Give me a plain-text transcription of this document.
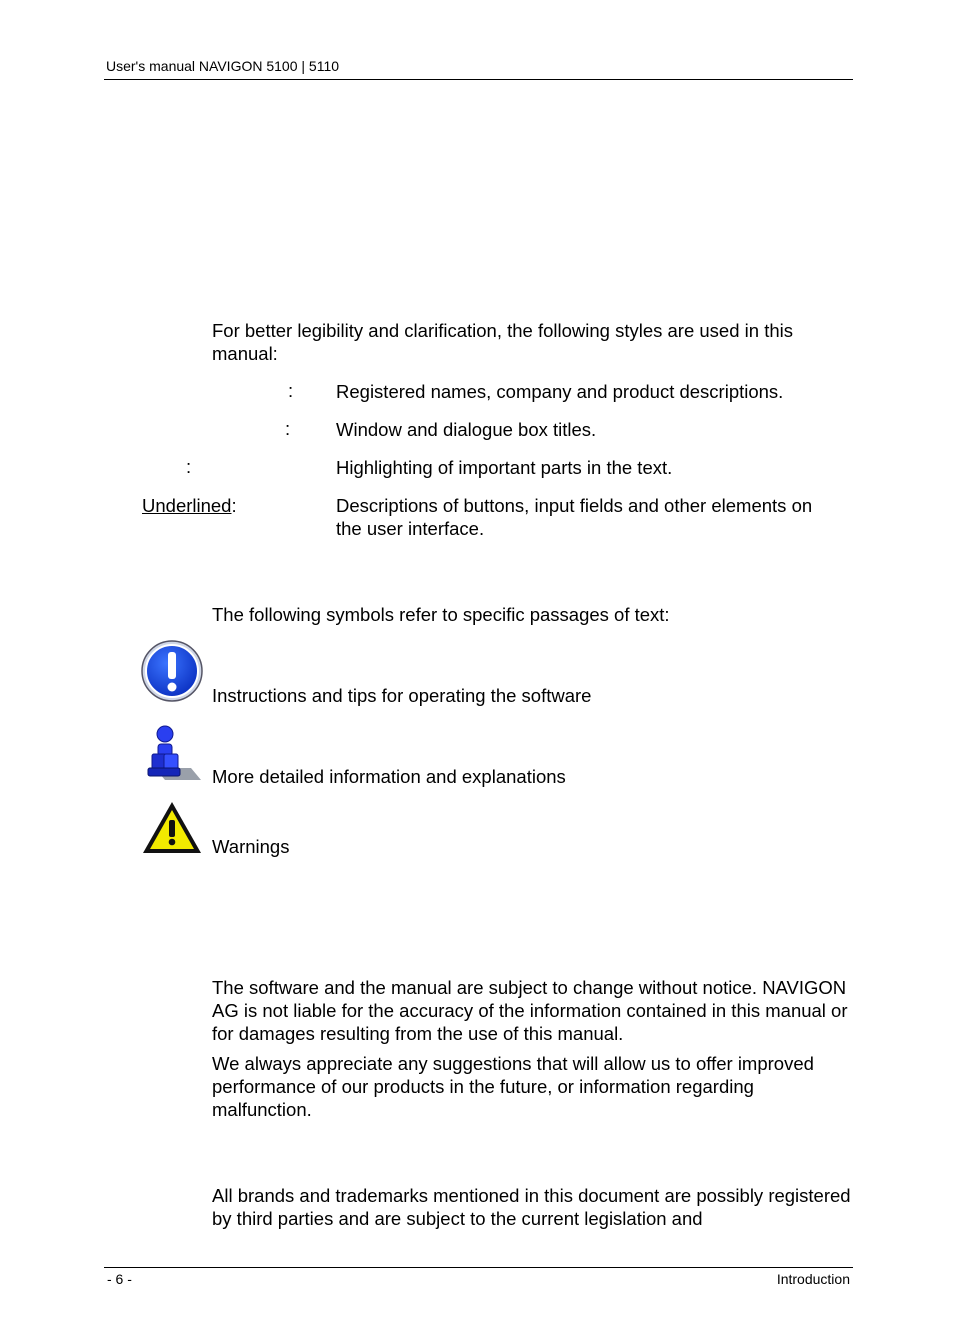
User's manual NAVIGON 5100 | 5110
For better legibility and clarification, the following styles are used in this manual:
: Registered names, company and product descriptions.
: Window and dialogue box titles.
:	Highlighting of important parts in the text.
Underlined:	Descriptions of buttons, input fields and other elements on the user interface.
The following symbols refer to specific passages of text:
Instructions and tips for operating the software
More detailed information and explanations
Warnings
The software and the manual are subject to change without notice. NAVIGON AG is not liable for the accuracy of the information contained in this manual or for damages resulting from the use of this manual.
We always appreciate any suggestions that will allow us to offer improved performance of our products in the future, or information regarding malfunction.
All brands and trademarks mentioned in this document are possibly registered by third parties and are subject to the current legislation and
- 6 -	Introduction
